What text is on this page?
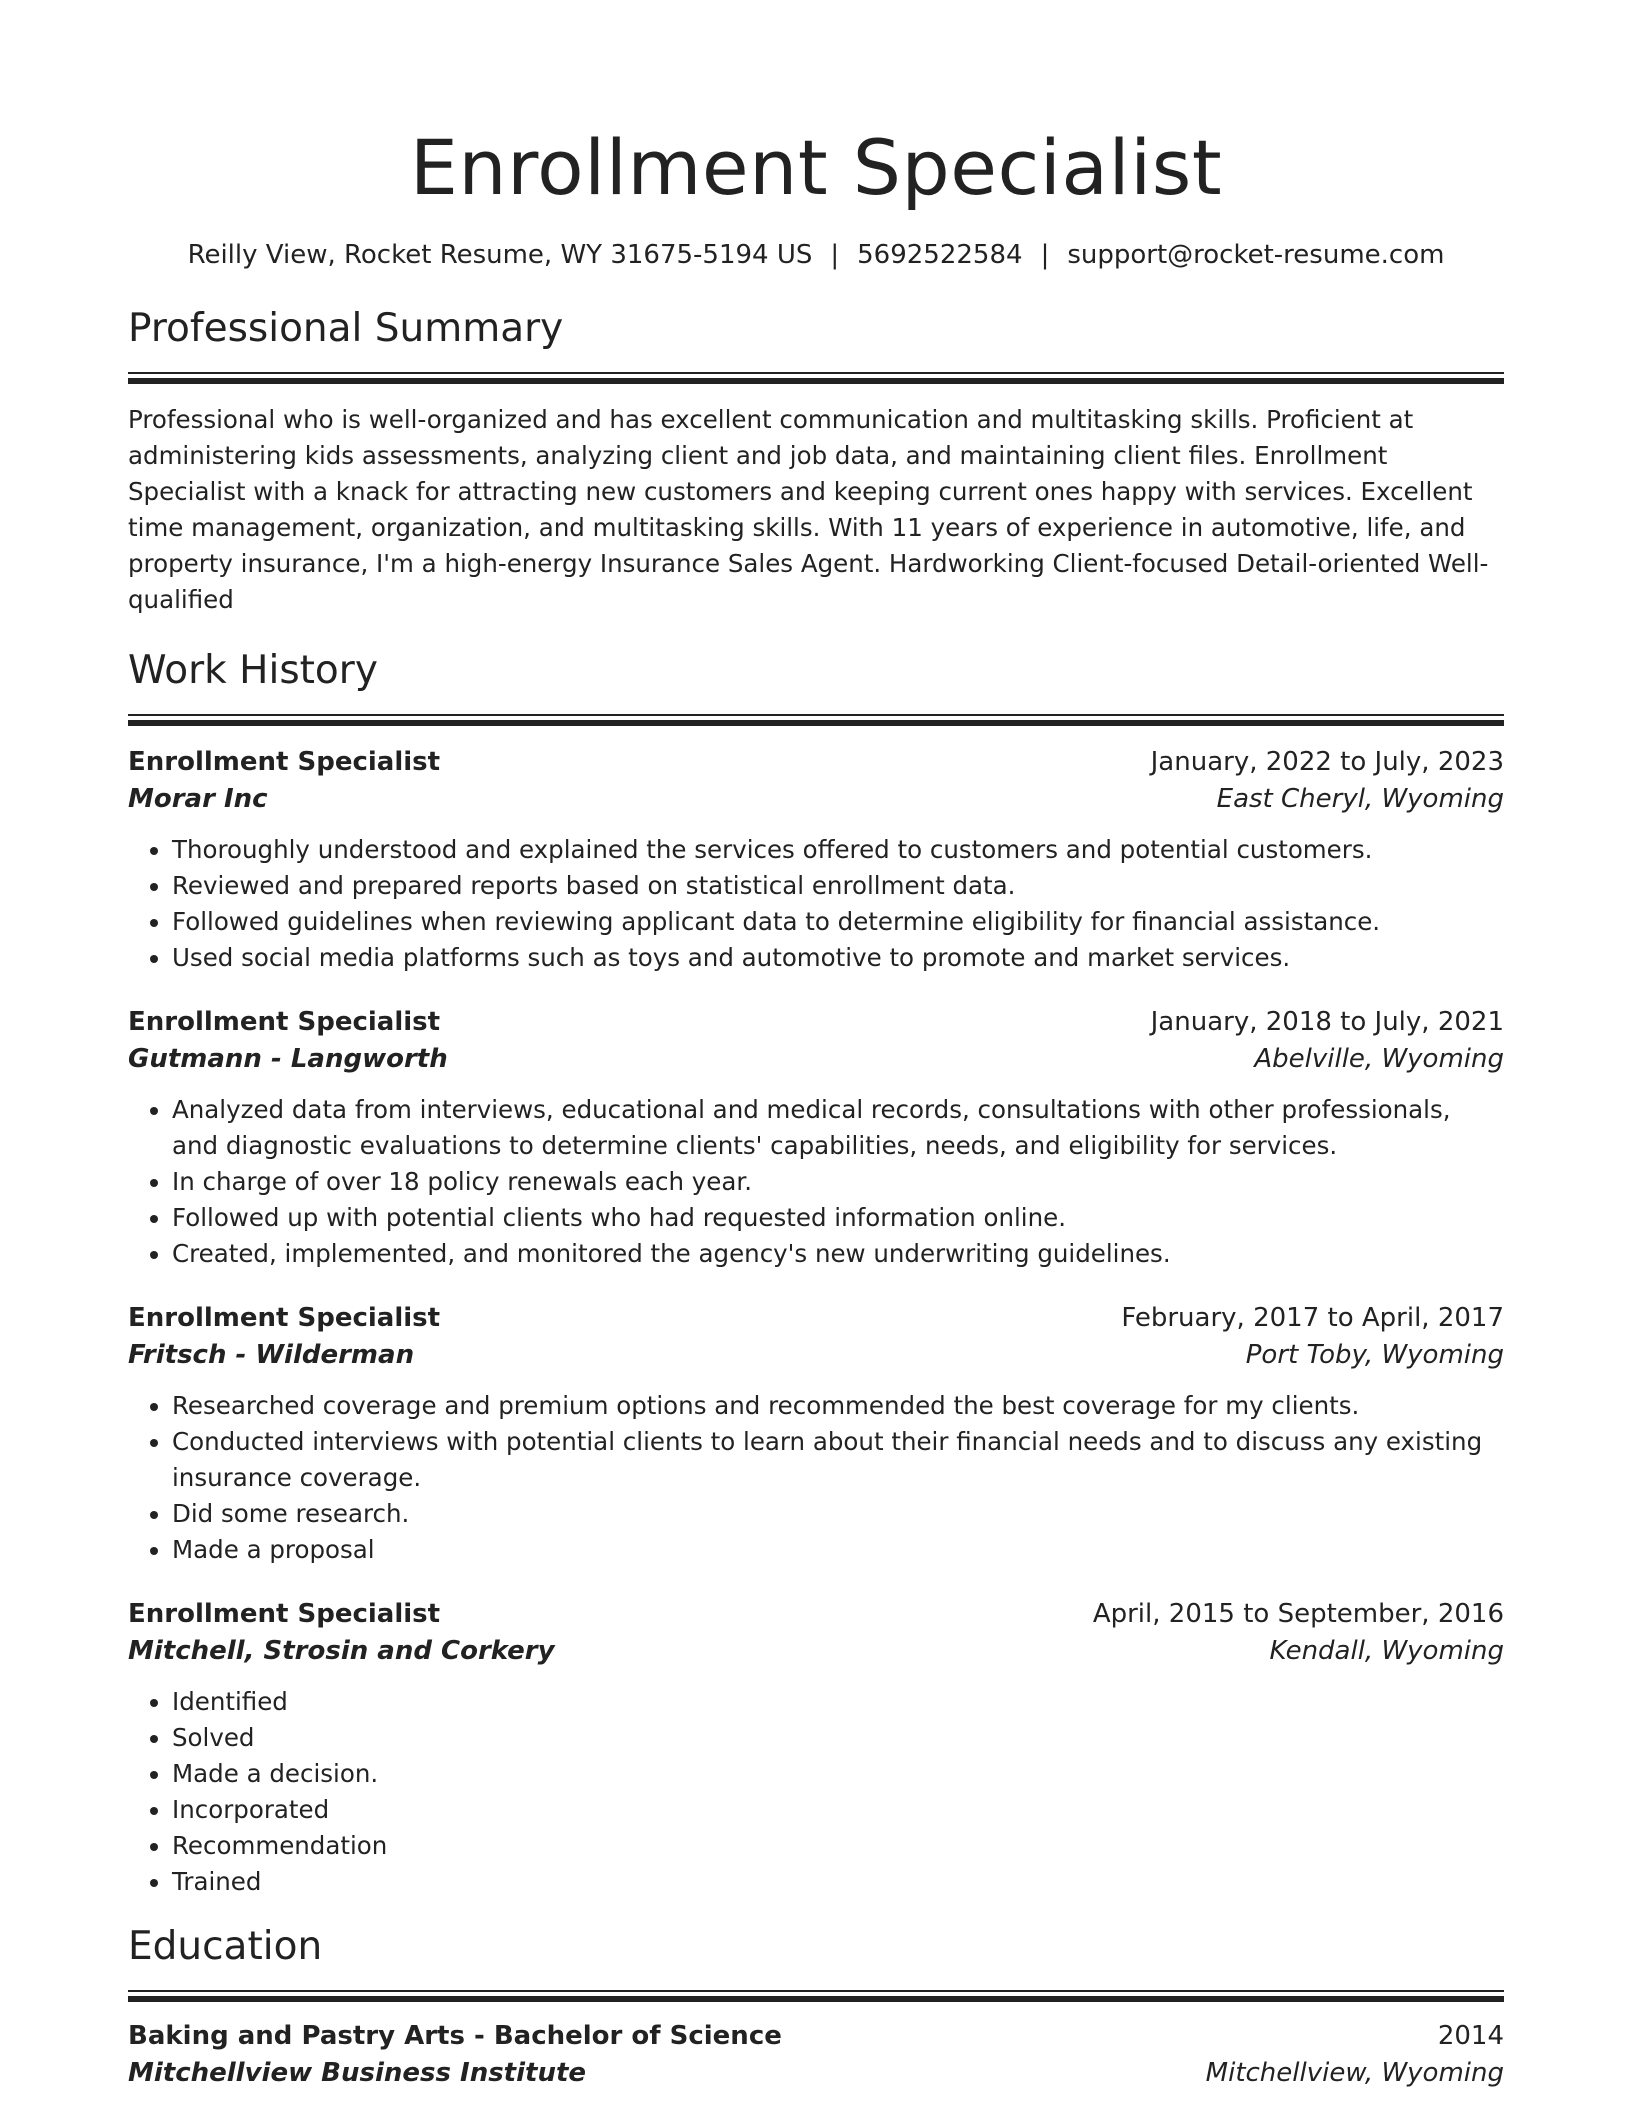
Enrollment Specialist
Reilly View, Rocket Resume, WY 31675-5194 US | 5692522584 | support@rocket-resume.com
Professional Summary

Professional who is well-organized and has excellent communication and multitasking skills. Proficient at administering kids assessments, analyzing client and job data, and maintaining client files. Enrollment Specialist with a knack for attracting new customers and keeping current ones happy with services. Excellent time management, organization, and multitasking skills. With 11 years of experience in automotive, life, and property insurance, I'm a high-energy Insurance Sales Agent. Hardworking Client-focused Detail-oriented Well-qualified

Work History
Enrollment Specialist	January, 2022 to July, 2023
Morar Inc	East Cheryl, Wyoming
• Thoroughly understood and explained the services offered to customers and potential customers.
• Reviewed and prepared reports based on statistical enrollment data.
• Followed guidelines when reviewing applicant data to determine eligibility for financial assistance.
• Used social media platforms such as toys and automotive to promote and market services.
Enrollment Specialist	January, 2018 to July, 2021
Gutmann - Langworth	Abelville, Wyoming
• Analyzed data from interviews, educational and medical records, consultations with other professionals, and diagnostic evaluations to determine clients' capabilities, needs, and eligibility for services.
• In charge of over 18 policy renewals each year.
• Followed up with potential clients who had requested information online.
• Created, implemented, and monitored the agency's new underwriting guidelines.
Enrollment Specialist	February, 2017 to April, 2017
Fritsch - Wilderman	Port Toby, Wyoming
• Researched coverage and premium options and recommended the best coverage for my clients.
• Conducted interviews with potential clients to learn about their financial needs and to discuss any existing insurance coverage.
• Did some research.
• Made a proposal
Enrollment Specialist	April, 2015 to September, 2016
Mitchell, Strosin and Corkery	Kendall, Wyoming
• Identified
• Solved
• Made a decision.
• Incorporated
• Recommendation
• Trained
Education
Baking and Pastry Arts - Bachelor of Science	2014
Mitchellview Business Institute	Mitchellview, Wyoming
